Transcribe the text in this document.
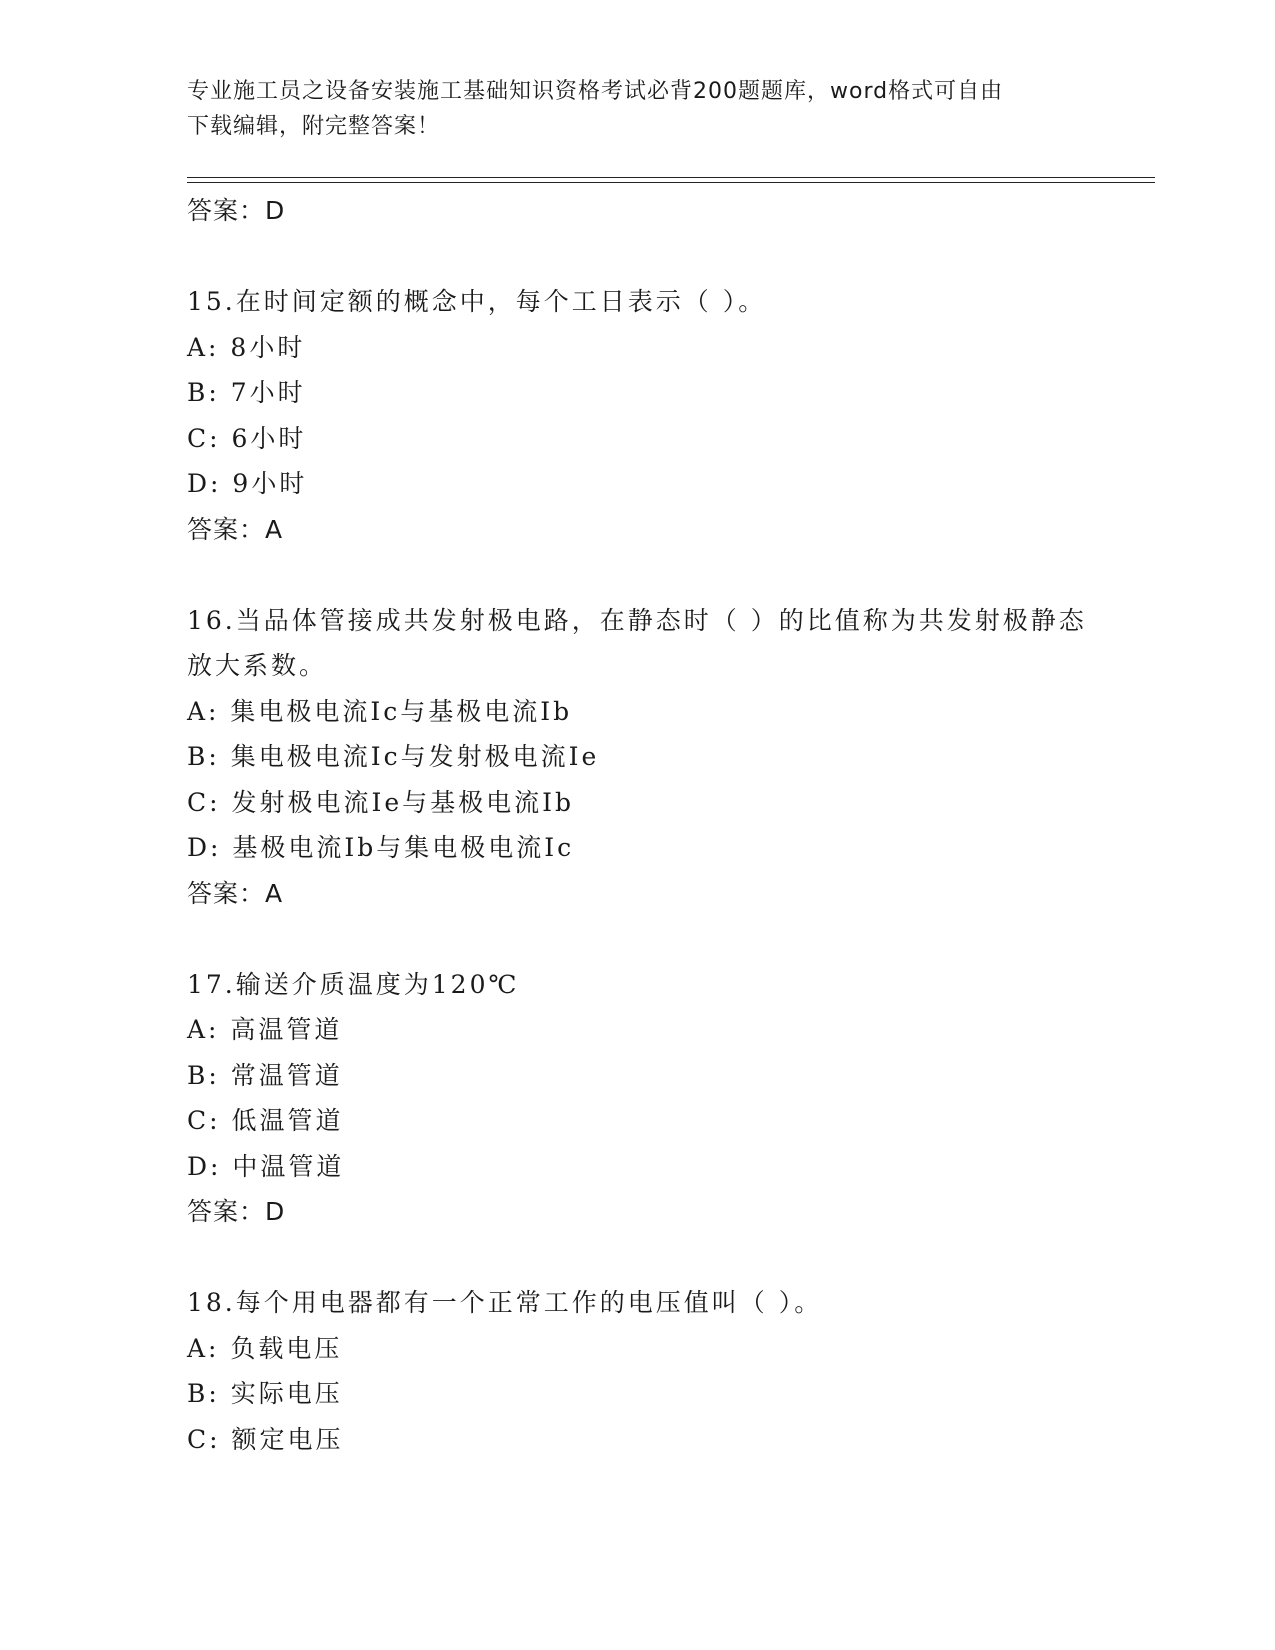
专业施工员之设备安装施工基础知识资格考试必背200题题库，word格式可自由
下载编辑，附完整答案！
答案：D
15.在时间定额的概念中，每个工日表示（ ）。
A: 8小时
B: 7小时
C: 6小时
D: 9小时
答案：A
16.当品体管接成共发射极电路，在静态时（ ）的比值称为共发射极静态放大系数。
A: 集电极电流Ic与基极电流Ib
B: 集电极电流Ic与发射极电流Ie
C: 发射极电流Ie与基极电流Ib
D: 基极电流Ib与集电极电流Ic
答案：A
17.输送介质温度为120℃
A: 高温管道
B: 常温管道
C: 低温管道
D: 中温管道
答案：D
18.每个用电器都有一个正常工作的电压值叫（ ）。
A: 负载电压
B: 实际电压
C: 额定电压
